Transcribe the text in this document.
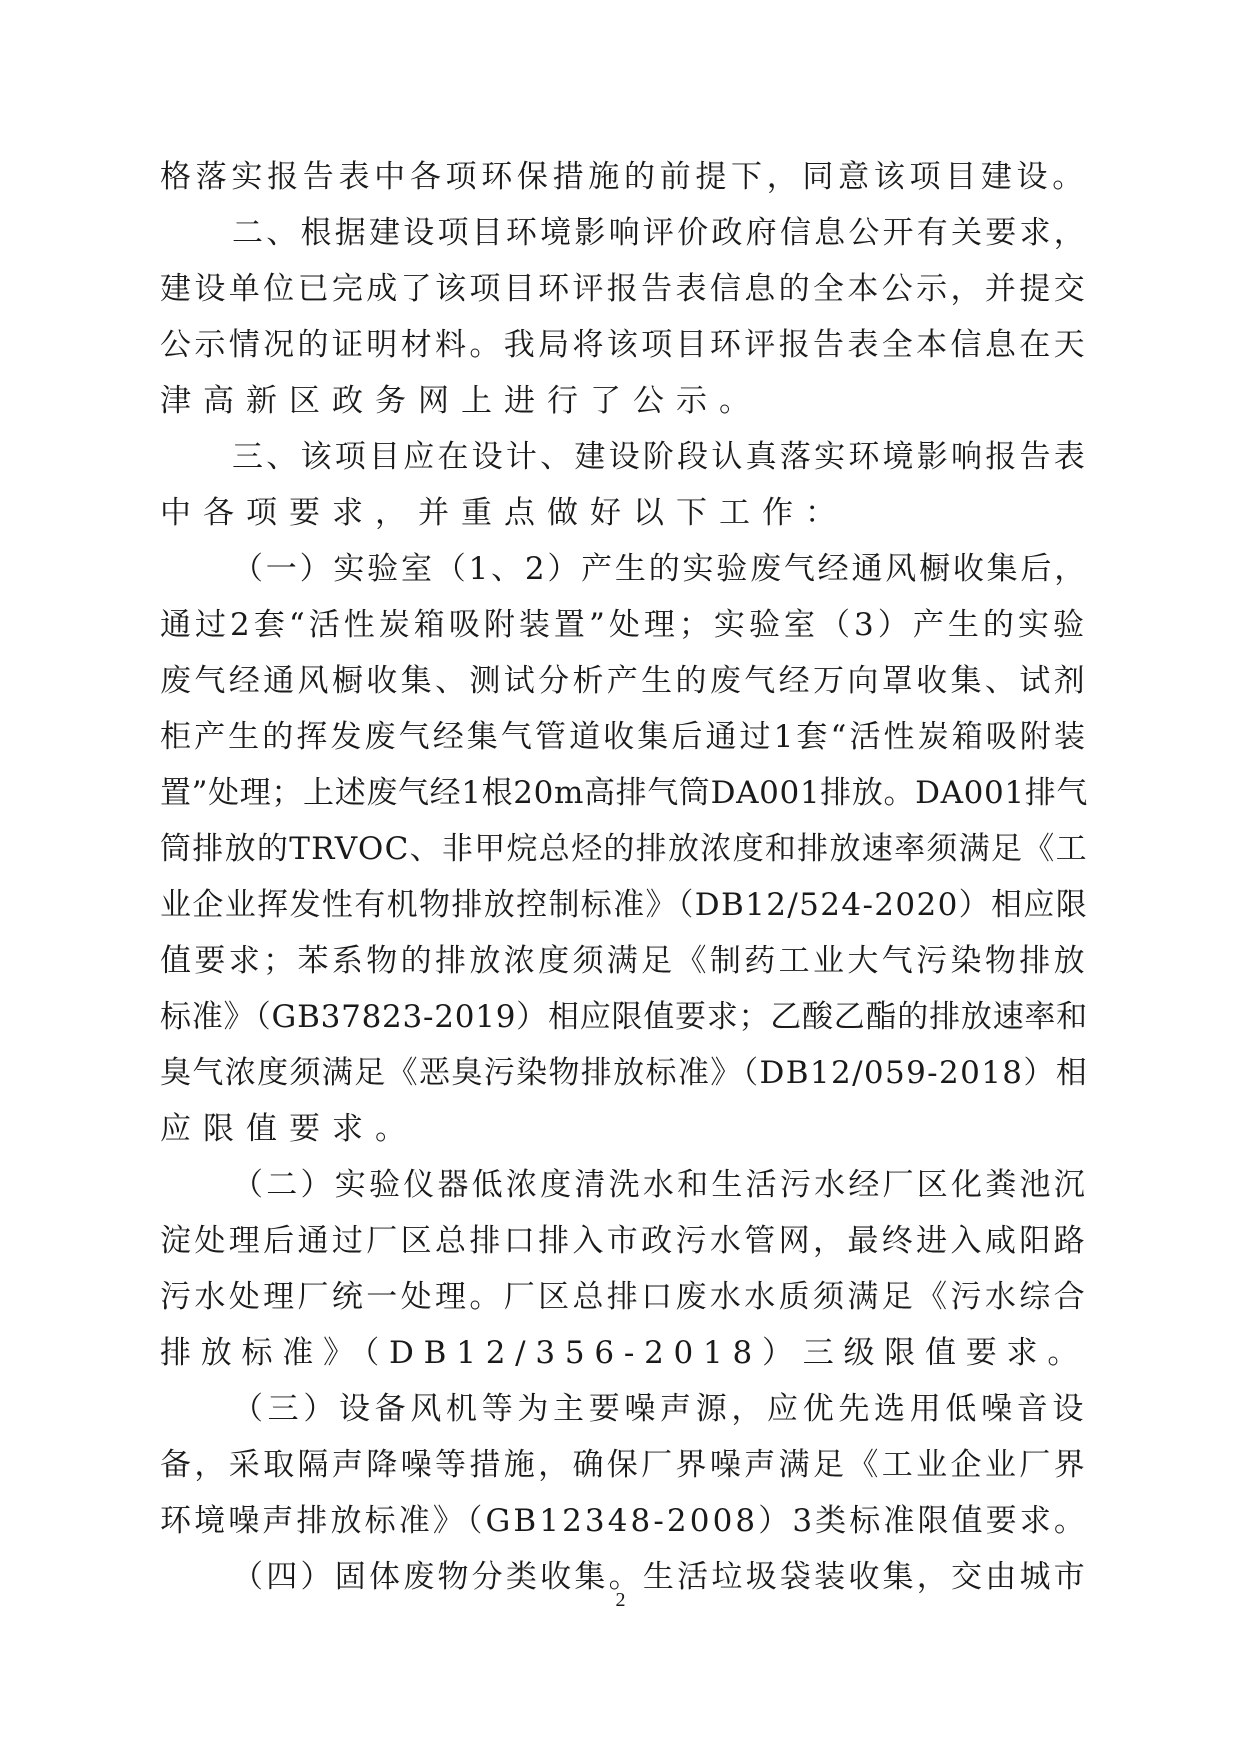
格落实报告表中各项环保措施的前提下，同意该项目建设。
二、根据建设项目环境影响评价政府信息公开有关要求，
建设单位已完成了该项目环评报告表信息的全本公示，并提交
公示情况的证明材料。我局将该项目环评报告表全本信息在天
津高新区政务网上进行了公示。
三、该项目应在设计、建设阶段认真落实环境影响报告表
中各项要求，并重点做好以下工作：
（一）实验室（1、2）产生的实验废气经通风橱收集后，
通过2套“活性炭箱吸附装置”处理；实验室（3）产生的实验
废气经通风橱收集、测试分析产生的废气经万向罩收集、试剂
柜产生的挥发废气经集气管道收集后通过1套“活性炭箱吸附装
置”处理；上述废气经1根20m高排气筒DA001排放。DA001排气
筒排放的TRVOC、非甲烷总烃的排放浓度和排放速率须满足《工
业企业挥发性有机物排放控制标准》（DB12/524-2020）相应限
值要求；苯系物的排放浓度须满足《制药工业大气污染物排放
标准》（GB37823-2019）相应限值要求；乙酸乙酯的排放速率和
臭气浓度须满足《恶臭污染物排放标准》（DB12/059-2018）相
应限值要求。
（二）实验仪器低浓度清洗水和生活污水经厂区化粪池沉
淀处理后通过厂区总排口排入市政污水管网，最终进入咸阳路
污水处理厂统一处理。厂区总排口废水水质须满足《污水综合
排放标准》（DB12/356-2018）三级限值要求。
（三）设备风机等为主要噪声源，应优先选用低噪音设
备，采取隔声降噪等措施，确保厂界噪声满足《工业企业厂界
环境噪声排放标准》（GB12348-2008）3类标准限值要求。
（四）固体废物分类收集。生活垃圾袋装收集，交由城市
2
